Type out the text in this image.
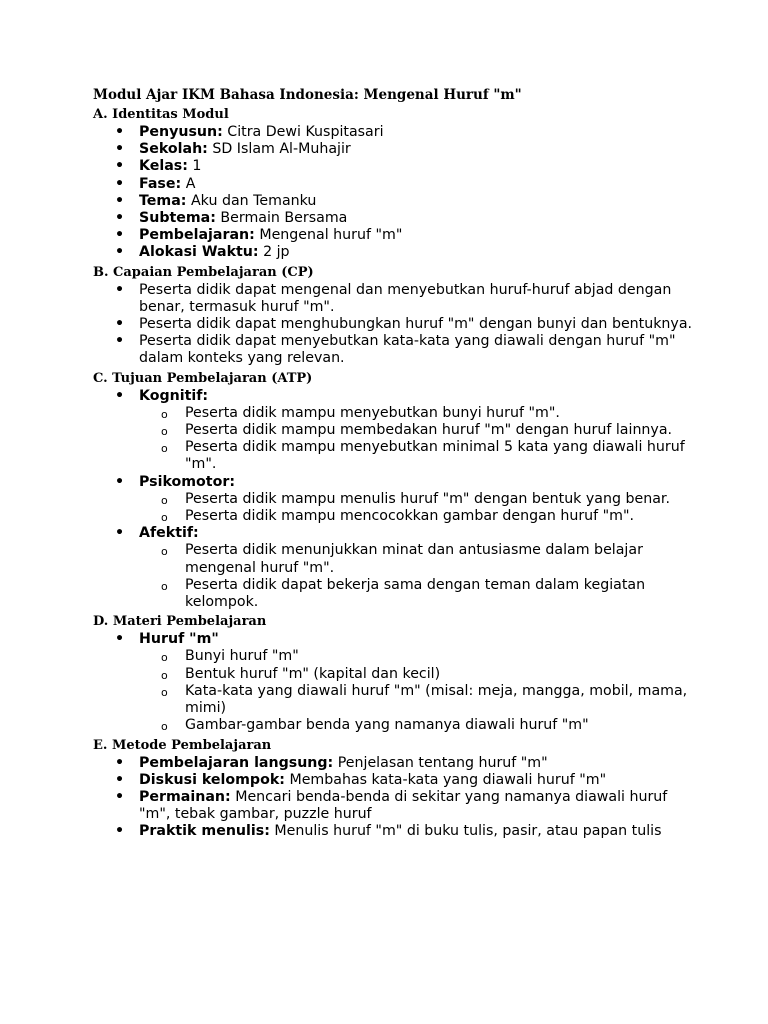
Modul Ajar IKM Bahasa Indonesia: Mengenal Huruf "m"
A. Identitas Modul
• Penyusun: Citra Dewi Kuspitasari
• Sekolah: SD Islam Al-Muhajir
• Kelas: 1
• Fase: A
• Tema: Aku dan Temanku
• Subtema: Bermain Bersama
• Pembelajaran: Mengenal huruf "m"
• Alokasi Waktu: 2 jp
B. Capaian Pembelajaran (CP)
• Peserta didik dapat mengenal dan menyebutkan huruf-huruf abjad dengan benar, termasuk huruf "m".
• Peserta didik dapat menghubungkan huruf "m" dengan bunyi dan bentuknya.
• Peserta didik dapat menyebutkan kata-kata yang diawali dengan huruf "m" dalam konteks yang relevan.
C. Tujuan Pembelajaran (ATP)
• Kognitif:
o Peserta didik mampu menyebutkan bunyi huruf "m".
o Peserta didik mampu membedakan huruf "m" dengan huruf lainnya.
o Peserta didik mampu menyebutkan minimal 5 kata yang diawali huruf "m".
• Psikomotor:
o Peserta didik mampu menulis huruf "m" dengan bentuk yang benar.
o Peserta didik mampu mencocokkan gambar dengan huruf "m".
• Afektif:
o Peserta didik menunjukkan minat dan antusiasme dalam belajar mengenal huruf "m".
o Peserta didik dapat bekerja sama dengan teman dalam kegiatan kelompok.
D. Materi Pembelajaran
• Huruf "m"
o Bunyi huruf "m"
o Bentuk huruf "m" (kapital dan kecil)
o Kata-kata yang diawali huruf "m" (misal: meja, mangga, mobil, mama, mimi)
o Gambar-gambar benda yang namanya diawali huruf "m"
E. Metode Pembelajaran
• Pembelajaran langsung: Penjelasan tentang huruf "m"
• Diskusi kelompok: Membahas kata-kata yang diawali huruf "m"
• Permainan: Mencari benda-benda di sekitar yang namanya diawali huruf "m", tebak gambar, puzzle huruf
• Praktik menulis: Menulis huruf "m" di buku tulis, pasir, atau papan tulis
